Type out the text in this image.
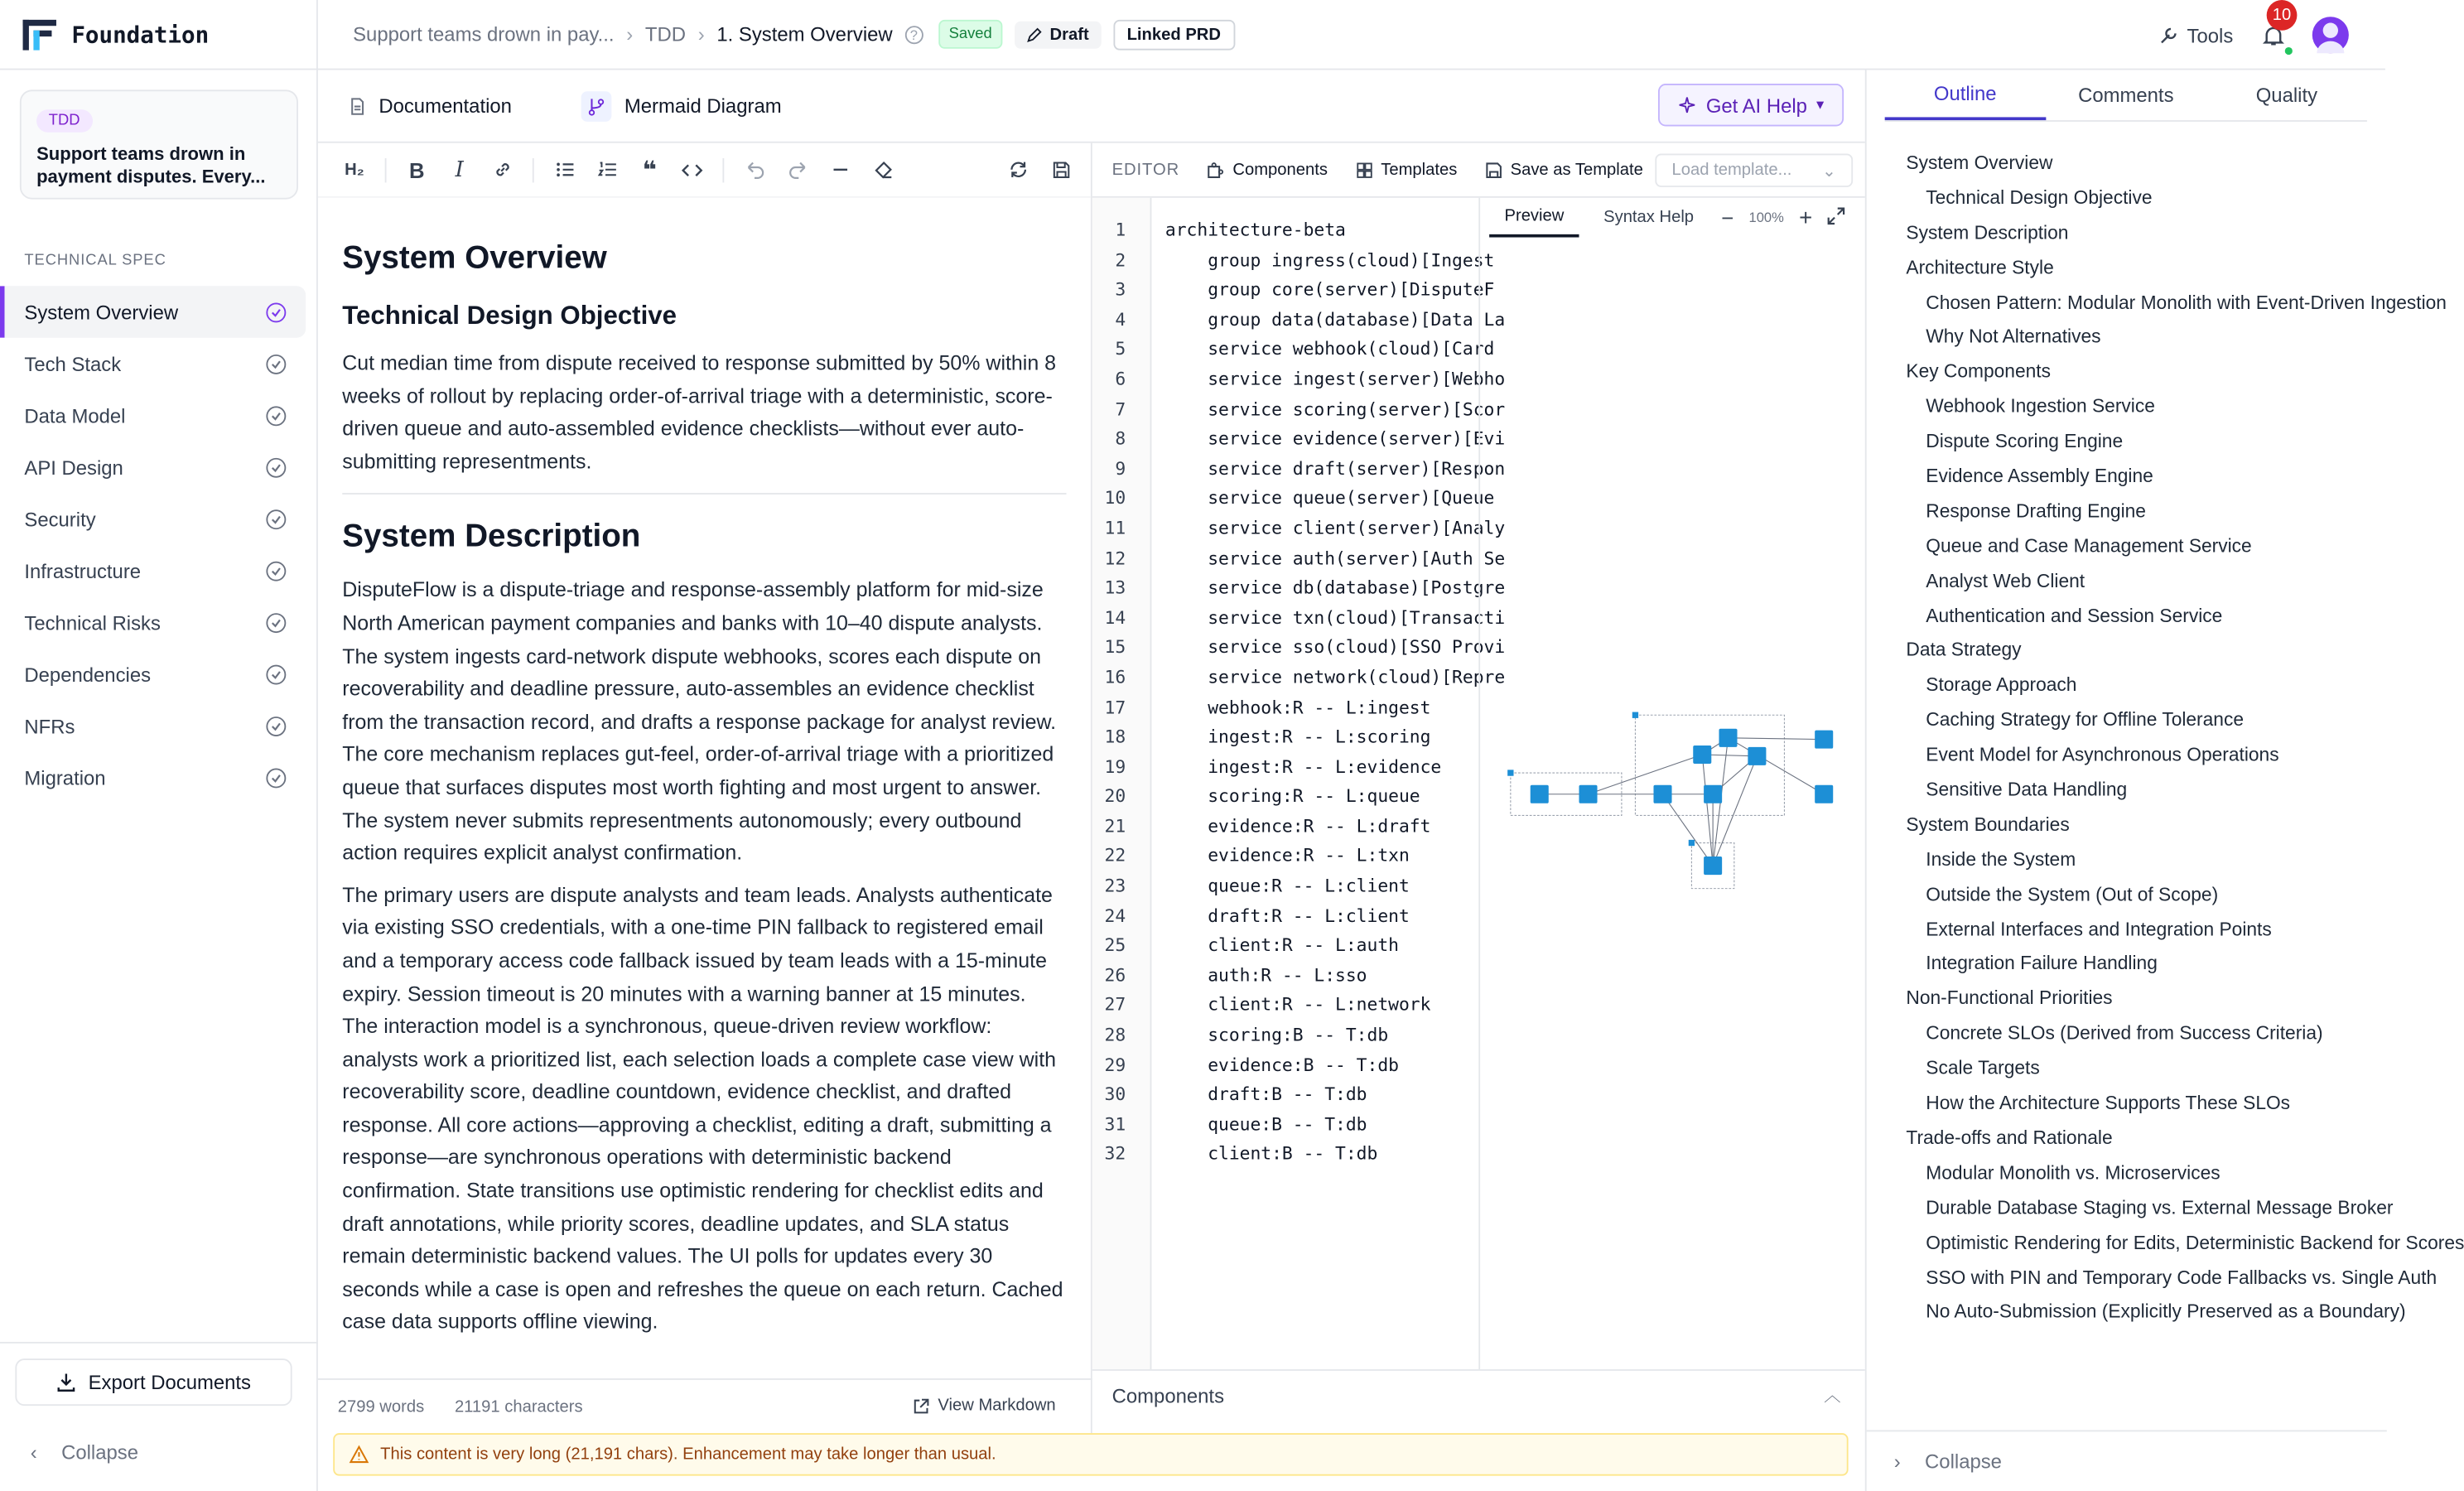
Foundation	Support teams drown in pay... › TDD › 1. System Overview	?	Saved	Draft	Linked PRD	Tools
10
TDD
Support teams drown in payment disputes. Every...
TECHNICAL SPEC
System Overview
Tech Stack
Data Model
API Design
Security
Infrastructure
Technical Risks
Dependencies
NFRs
Migration
Export Documents
‹ Collapse
Documentation	Mermaid Diagram	Get AI Help ▾
H₂	B	I	❝
System Overview
Technical Design Objective

Cut median time from dispute received to response submitted by 50% within 8 weeks of rollout by replacing order-of-arrival triage with a deterministic, score-driven queue and auto-assembled evidence checklists—without ever auto-submitting representments.

System Description

DisputeFlow is a dispute-triage and response-assembly platform for mid-size North American payment companies and banks with 10–40 dispute analysts. The system ingests card-network dispute webhooks, scores each dispute on recoverability and deadline pressure, auto-assembles an evidence checklist from the transaction record, and drafts a response package for analyst review. The core mechanism replaces gut-feel, order-of-arrival triage with a prioritized queue that surfaces disputes most worth fighting and most urgent to answer. The system never submits representments autonomously; every outbound action requires explicit analyst confirmation.

The primary users are dispute analysts and team leads. Analysts authenticate via existing SSO credentials, with a one-time PIN fallback to registered email and a temporary access code fallback issued by team leads with a 15-minute expiry. Session timeout is 20 minutes with a warning banner at 15 minutes. The interaction model is a synchronous, queue-driven review workflow: analysts work a prioritized list, each selection loads a complete case view with recoverability score, deadline countdown, evidence checklist, and drafted response. All core actions—approving a checklist, editing a draft, submitting a response—are synchronous operations with deterministic backend confirmation. State transitions use optimistic rendering for checklist edits and draft annotations, while priority scores, deadline updates, and SLA status remain deterministic backend values. The UI polls for updates every 30 seconds while a case is open and refreshes the queue on each return. Cached case data supports offline viewing.

2799 words	21191 characters	View Markdown
EDITOR	Components	Templates	Save as Template	Load template...	⌄
1
2
3
4
5
6
7
8
9
10
11
12
13
14
15
16
17
18
19
20
21
22
23
24
25
26
27
28
29
30
31
32
architecture-beta
group ingress(cloud)[Ingest
group core(server)[DisputeF
group data(database)[Data La
service webhook(cloud)[Card
service ingest(server)[Webho
service scoring(server)[Scor
service evidence(server)[Evi
service draft(server)[Respon
service queue(server)[Queue
service client(server)[Analy
service auth(server)[Auth Se
service db(database)[Postgre
service txn(cloud)[Transacti
service sso(cloud)[SSO Provi
service network(cloud)[Repre
webhook:R -- L:ingest
ingest:R -- L:scoring
ingest:R -- L:evidence
scoring:R -- L:queue
evidence:R -- L:draft
evidence:R -- L:txn
queue:R -- L:client
draft:R -- L:client
client:R -- L:auth
auth:R -- L:sso
client:R -- L:network
scoring:B -- T:db
evidence:B -- T:db
draft:B -- T:db
queue:B -- T:db
client:B -- T:db
Preview	Syntax Help	− 100% +
Components	︿
This content is very long (21,191 chars). Enhancement may take longer than usual.
Outline	Comments	Quality
System Overview
Technical Design Objective
System Description
Architecture Style
Chosen Pattern: Modular Monolith with Event-Driven Ingestion
Why Not Alternatives
Key Components
Webhook Ingestion Service
Dispute Scoring Engine
Evidence Assembly Engine
Response Drafting Engine
Queue and Case Management Service
Analyst Web Client
Authentication and Session Service
Data Strategy
Storage Approach
Caching Strategy for Offline Tolerance
Event Model for Asynchronous Operations
Sensitive Data Handling
System Boundaries
Inside the System
Outside the System (Out of Scope)
External Interfaces and Integration Points
Integration Failure Handling
Non-Functional Priorities
Concrete SLOs (Derived from Success Criteria)
Scale Targets
How the Architecture Supports These SLOs
Trade-offs and Rationale
Modular Monolith vs. Microservices
Durable Database Staging vs. External Message Broker
Optimistic Rendering for Edits, Deterministic Backend for Scores
SSO with PIN and Temporary Code Fallbacks vs. Single Auth
No Auto-Submission (Explicitly Preserved as a Boundary)
› Collapse
